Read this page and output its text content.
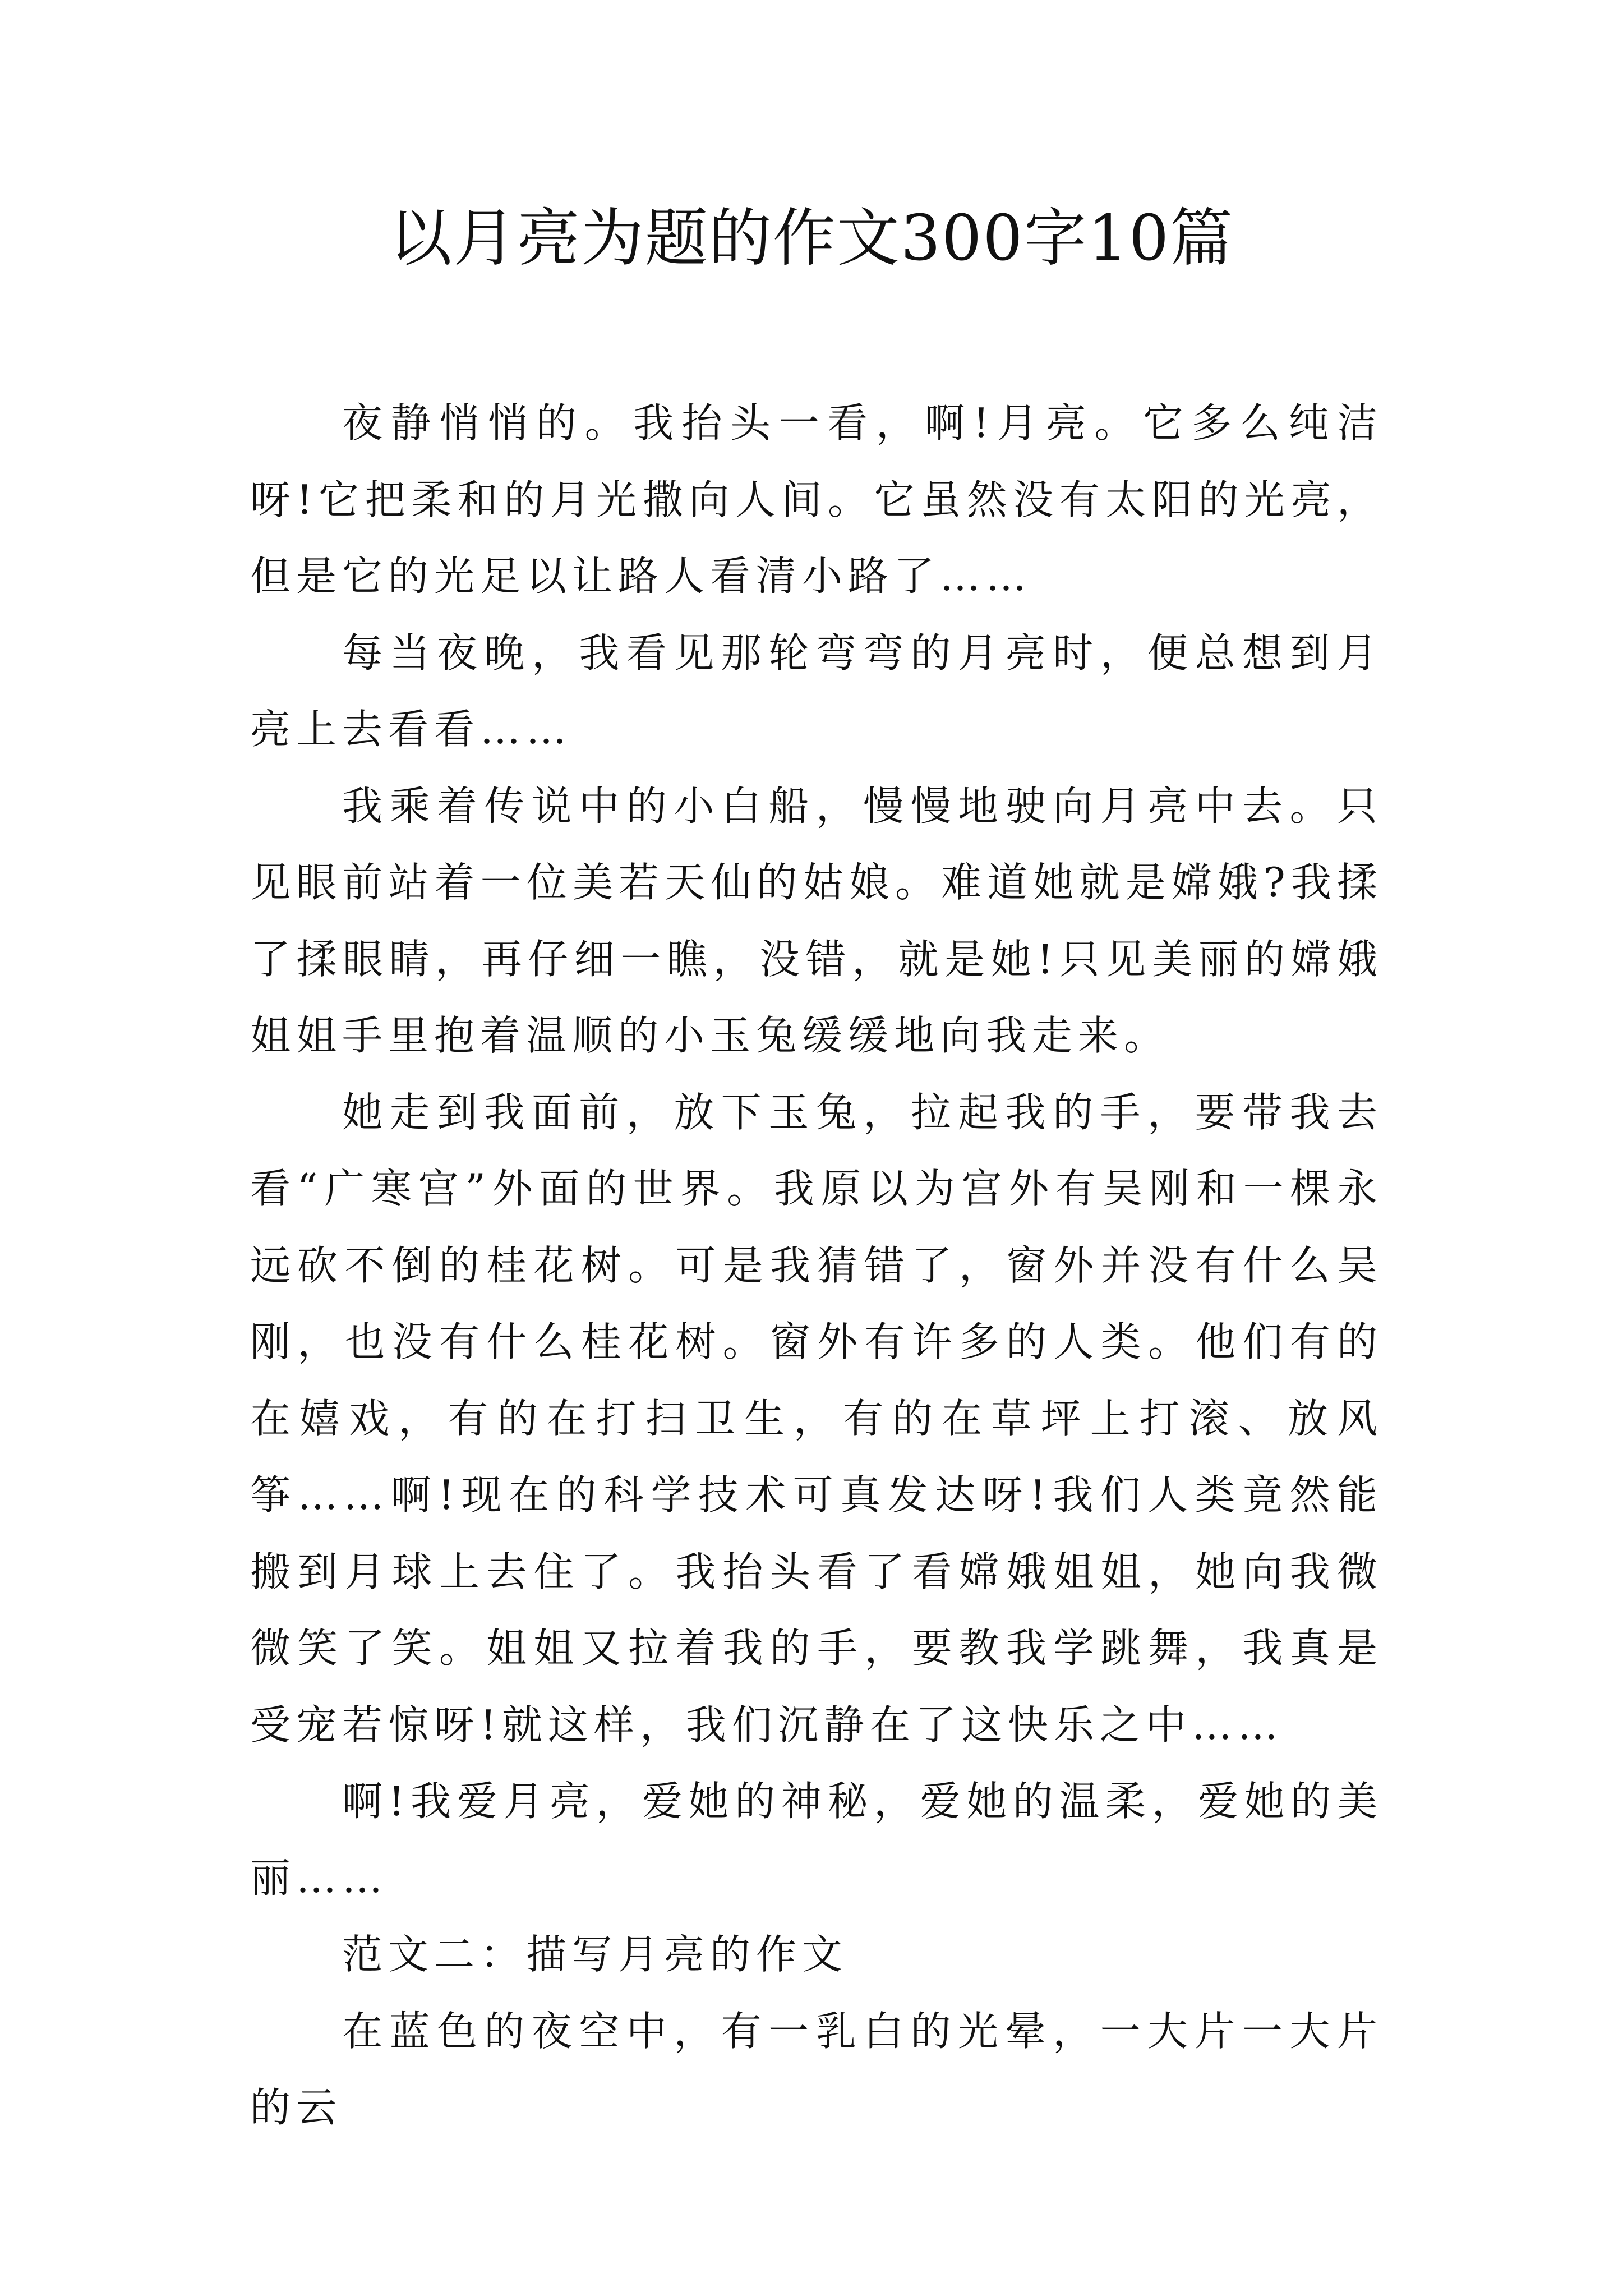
以月亮为题的作文300字10篇

夜静悄悄的。我抬头一看，啊!月亮。它多么纯洁呀!它把柔和的月光撒向人间。它虽然没有太阳的光亮，但是它的光足以让路人看清小路了……

每当夜晚，我看见那轮弯弯的月亮时，便总想到月亮上去看看……

我乘着传说中的小白船，慢慢地驶向月亮中去。只见眼前站着一位美若天仙的姑娘。难道她就是嫦娥?我揉了揉眼睛，再仔细一瞧，没错，就是她!只见美丽的嫦娥姐姐手里抱着温顺的小玉兔缓缓地向我走来。

她走到我面前，放下玉兔，拉起我的手，要带我去看“广寒宫”外面的世界。我原以为宫外有吴刚和一棵永远砍不倒的桂花树。可是我猜错了，窗外并没有什么吴刚，也没有什么桂花树。窗外有许多的人类。他们有的在嬉戏，有的在打扫卫生，有的在草坪上打滚、放风筝……啊!现在的科学技术可真发达呀!我们人类竟然能搬到月球上去住了。我抬头看了看嫦娥姐姐，她向我微微笑了笑。姐姐又拉着我的手，要教我学跳舞，我真是受宠若惊呀!就这样，我们沉静在了这快乐之中……

啊!我爱月亮，爱她的神秘，爱她的温柔，爱她的美丽……

范文二：描写月亮的作文

在蓝色的夜空中，有一乳白的光晕，一大片一大片的云
